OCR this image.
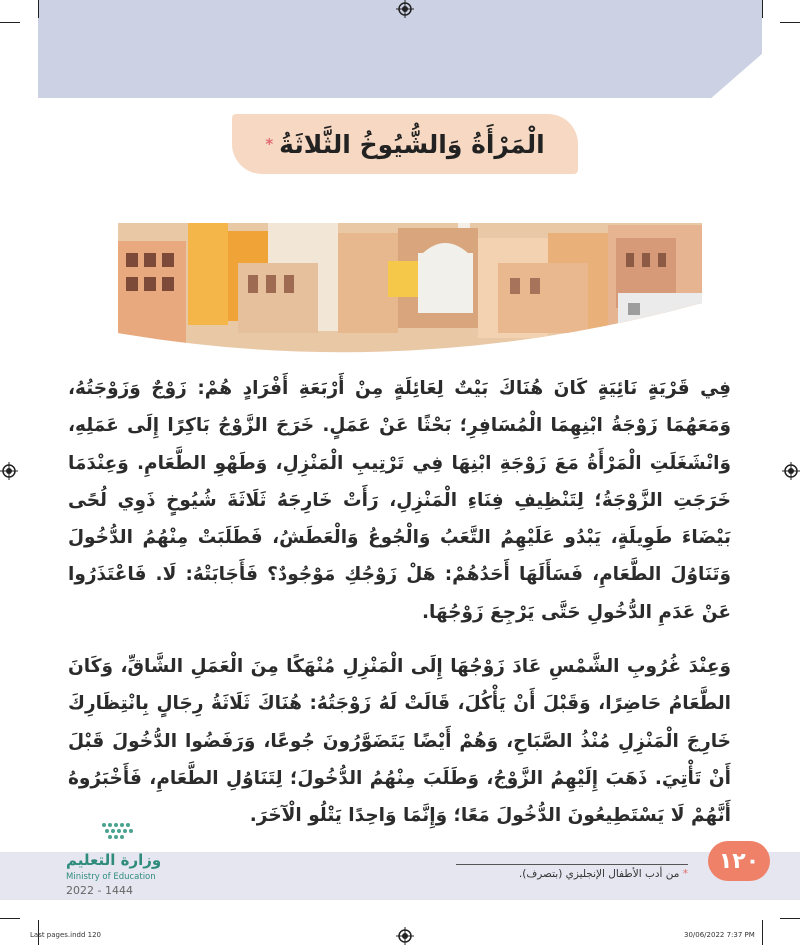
الْمَرْأَةُ وَالشُّيُوخُ الثَّلاثَةُ
*
فِي قَرْيَةٍ نَائِيَةٍ كَانَ هُنَاكَ بَيْتٌ لِعَائِلَةٍ مِنْ أَرْبَعَةِ أَفْرَادٍ هُمْ: زَوْجٌ وَزَوْجَتُهُ، وَمَعَهُمَا زَوْجَةُ ابْنِهِمَا الْمُسَافِرِ؛ بَحْثًا عَنْ عَمَلٍ. خَرَجَ الزَّوْجُ بَاكِرًا إِلَى عَمَلِهِ، وَانْشَغَلَتِ الْمَرْأَةُ مَعَ زَوْجَةِ ابْنِهَا فِي تَرْتِيبِ الْمَنْزِلِ، وَطَهْوِ الطَّعَامِ. وَعِنْدَمَا خَرَجَتِ الزَّوْجَةُ؛ لِتَنْظِيفِ فِنَاءِ الْمَنْزِلِ، رَأَتْ خَارِجَهُ ثَلَاثَةَ شُيُوخٍ ذَوِي لُحًى بَيْضَاءَ طَوِيلَةٍ، يَبْدُو عَلَيْهِمُ التَّعَبُ وَالْجُوعُ وَالْعَطَشُ، فَطَلَبَتْ مِنْهُمُ الدُّخُولَ وَتَنَاوُلَ الطَّعَامِ، فَسَأَلَهَا أَحَدُهُمْ: هَلْ زَوْجُكِ مَوْجُودٌ؟ فَأَجَابَتْهُ: لَا. فَاعْتَذَرُوا عَنْ عَدَمِ الدُّخُولِ حَتَّى يَرْجِعَ زَوْجُهَا.
وَعِنْدَ غُرُوبِ الشَّمْسِ عَادَ زَوْجُهَا إِلَى الْمَنْزِلِ مُنْهَكًا مِنَ الْعَمَلِ الشَّاقِّ، وَكَانَ الطَّعَامُ حَاضِرًا، وَقَبْلَ أَنْ يَأْكُلَ، قَالَتْ لَهُ زَوْجَتُهُ: هُنَاكَ ثَلَاثَةُ رِجَالٍ بِانْتِظَارِكَ خَارِجَ الْمَنْزِلِ مُنْذُ الصَّبَاحِ، وَهُمْ أَيْضًا يَتَضَوَّرُونَ جُوعًا، وَرَفَضُوا الدُّخُولَ قَبْلَ أَنْ تَأْتِيَ. ذَهَبَ إِلَيْهِمُ الزَّوْجُ، وَطَلَبَ مِنْهُمُ الدُّخُولَ؛ لِتَنَاوُلِ الطَّعَامِ، فَأَخْبَرُوهُ أَنَّهُمْ لَا يَسْتَطِيعُونَ الدُّخُولَ مَعًا؛ وَإِنَّمَا وَاحِدًا يَتْلُو الْآخَرَ.
١٢٠
* من أدب الأطفال الإنجليزي (بتصرف).
وزارة التعليم
Ministry of Education
2022 - 1444
Last pages.indd 120	30/06/2022 7:37 PM
